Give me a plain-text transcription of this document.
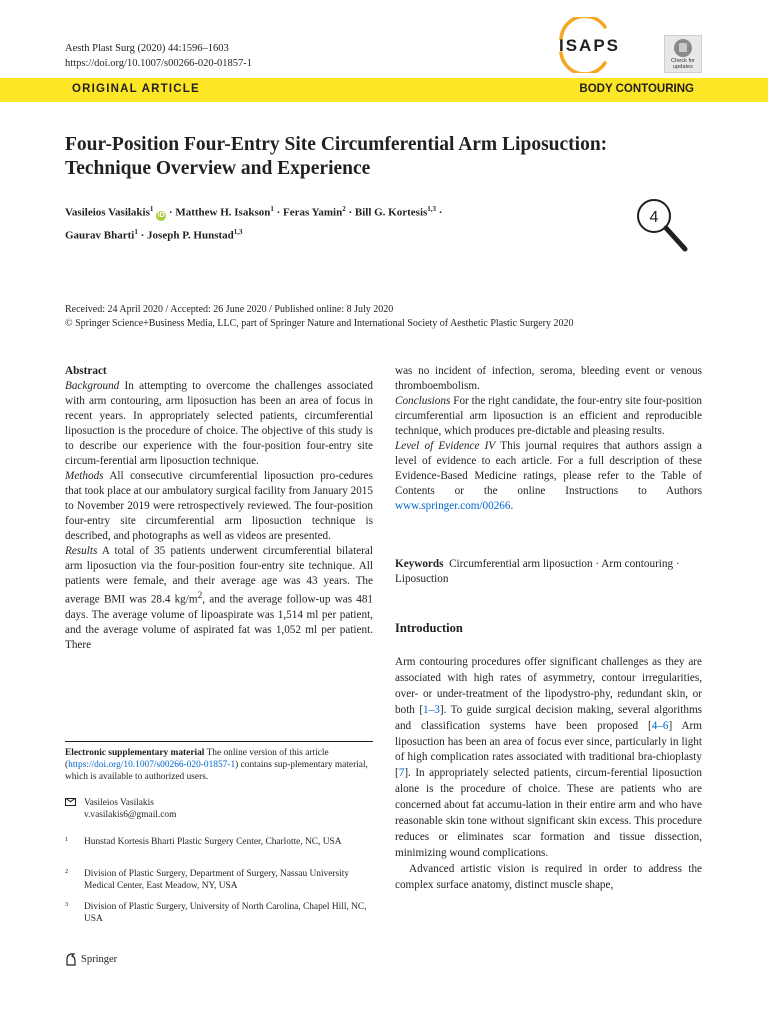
Aesth Plast Surg (2020) 44:1596–1603
https://doi.org/10.1007/s00266-020-01857-1
ISAPS
Check for
updates
ORIGINAL ARTICLE	BODY CONTOURING
Four-Position Four-Entry Site Circumferential Arm Liposuction:
Technique Overview and Experience
Vasileios Vasilakis$^1$ iD · Matthew H. Isakson$^1$ · Feras Yamin$^2$ · Bill G. Kortesis$^{1,3}$ ·
Gaurav Bharti$^1$ · Joseph P. Hunstad$^{1,3}$
4
Received: 24 April 2020 / Accepted: 26 June 2020 / Published online: 8 July 2020
© Springer Science+Business Media, LLC, part of Springer Nature and International Society of Aesthetic Plastic Surgery 2020

Abstract

Background In attempting to overcome the challenges associated with arm contouring, arm liposuction has been an area of focus in recent years. In appropriately selected patients, circumferential liposuction is the procedure of choice. The objective of this study is to describe our experience with the four-position four-entry site circum-ferential arm liposuction technique.

Methods All consecutive circumferential liposuction pro-cedures that took place at our ambulatory surgical facility from January 2015 to November 2019 were retrospectively reviewed. The four-position four-entry site circumferential arm liposuction technique is described, and photographs as well as videos are presented.

Results A total of 35 patients underwent circumferential bilateral arm liposuction via the four-position four-entry site technique. All patients were female, and their average age was 43 years. The average BMI was 28.4 $kg/m^2$, and the average follow-up was 481 days. The average volume of lipoaspirate was 1,514 ml per patient, and the average volume of aspirated fat was 1,052 ml per patient. There

was no incident of infection, seroma, bleeding event or venous thromboembolism.

Conclusions For the right candidate, the four-entry site four-position circumferential arm liposuction is an efficient and reproducible technique, which produces pre-dictable and pleasing results.

Level of Evidence IV This journal requires that authors assign a level of evidence to each article. For a full description of these Evidence-Based Medicine ratings, please refer to the Table of Contents or the online Instructions to Authors www.springer.com/00266.

Keywords Circumferential arm liposuction · Arm contouring · Liposuction
Introduction

Arm contouring procedures offer significant challenges as they are associated with high rates of asymmetry, contour irregularities, over- or under-treatment of the lipodystro-phy, redundant skin, or both [1–3]. To guide surgical decision making, several algorithms and classification systems have been proposed [4–6] Arm liposuction has been an area of focus ever since, particularly in light of high complication rates associated with traditional bra-chioplasty [7]. In appropriately selected patients, circum-ferential liposuction alone is the procedure of choice. These are patients who are concerned about fat accumu-lation in their entire arm and who have reasonable skin tone without significant skin excess. This procedure reduces or eliminates scar formation and tissue dissection, minimizing wound complications.

Advanced artistic vision is required in order to address the complex surface anatomy, distinct muscle shape,

Electronic supplementary material The online version of this article (https://doi.org/10.1007/s00266-020-01857-1) contains sup-plementary material, which is available to authorized users.
Vasileios Vasilakis
v.vasilakis6@gmail.com
1 Hunstad Kortesis Bharti Plastic Surgery Center, Charlotte, NC, USA
2 Division of Plastic Surgery, Department of Surgery, Nassau University Medical Center, East Meadow, NY, USA
3 Division of Plastic Surgery, University of North Carolina, Chapel Hill, NC, USA
Springer
